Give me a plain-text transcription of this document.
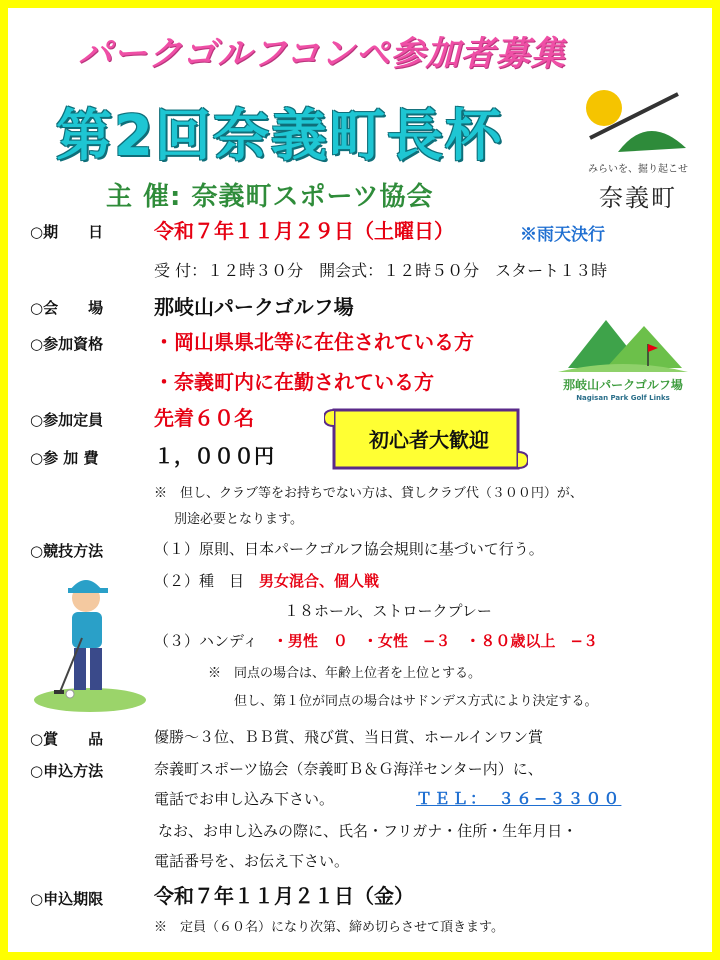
パークゴルフコンペ参加者募集
第2回奈義町長杯
主 催: 奈義町スポーツ協会
みらいを、掘り起こせ
奈義町
○期　　日	令和７年１１月２９日（土曜日）	※雨天決行
受 付：１２時３０分　開会式：１２時５０分　スタート１３時
○会　　場	那岐山パークゴルフ場
○参加資格	・岡山県県北等に在住されている方
・奈義町内に在勤されている方	那岐山パークゴルフ場
Nagisan Park Golf Links
○参加定員	先着６０名
初心者大歓迎
○参 加 費	１，０００円
※　但し、クラブ等をお持ちでない方は、貸しクラブ代（３００円）が、
別途必要となります。
○競技方法	（１）原則、日本パークゴルフ協会規則に基づいて行う。
（２）種　目　 男女混合、個人戦
１８ホール、ストロークプレー
（３）ハンディ　 ・男性　０　・女性　−３　・８０歳以上　−３
※　同点の場合は、年齢上位者を上位とする。
但し、第１位が同点の場合はサドンデス方式により決定する。
○賞　　品	優勝～３位、ＢＢ賞、飛び賞、当日賞、ホールインワン賞
○申込方法	奈義町スポーツ協会（奈義町Ｂ＆Ｇ海洋センター内）に、
電話でお申し込み下さい。	ＴＥＬ：　３６−３３００
なお、お申し込みの際に、氏名・フリガナ・住所・生年月日・
電話番号を、お伝え下さい。
○申込期限	令和７年１１月２１日（金）
※　定員（６０名）になり次第、締め切らさせて頂きます。
